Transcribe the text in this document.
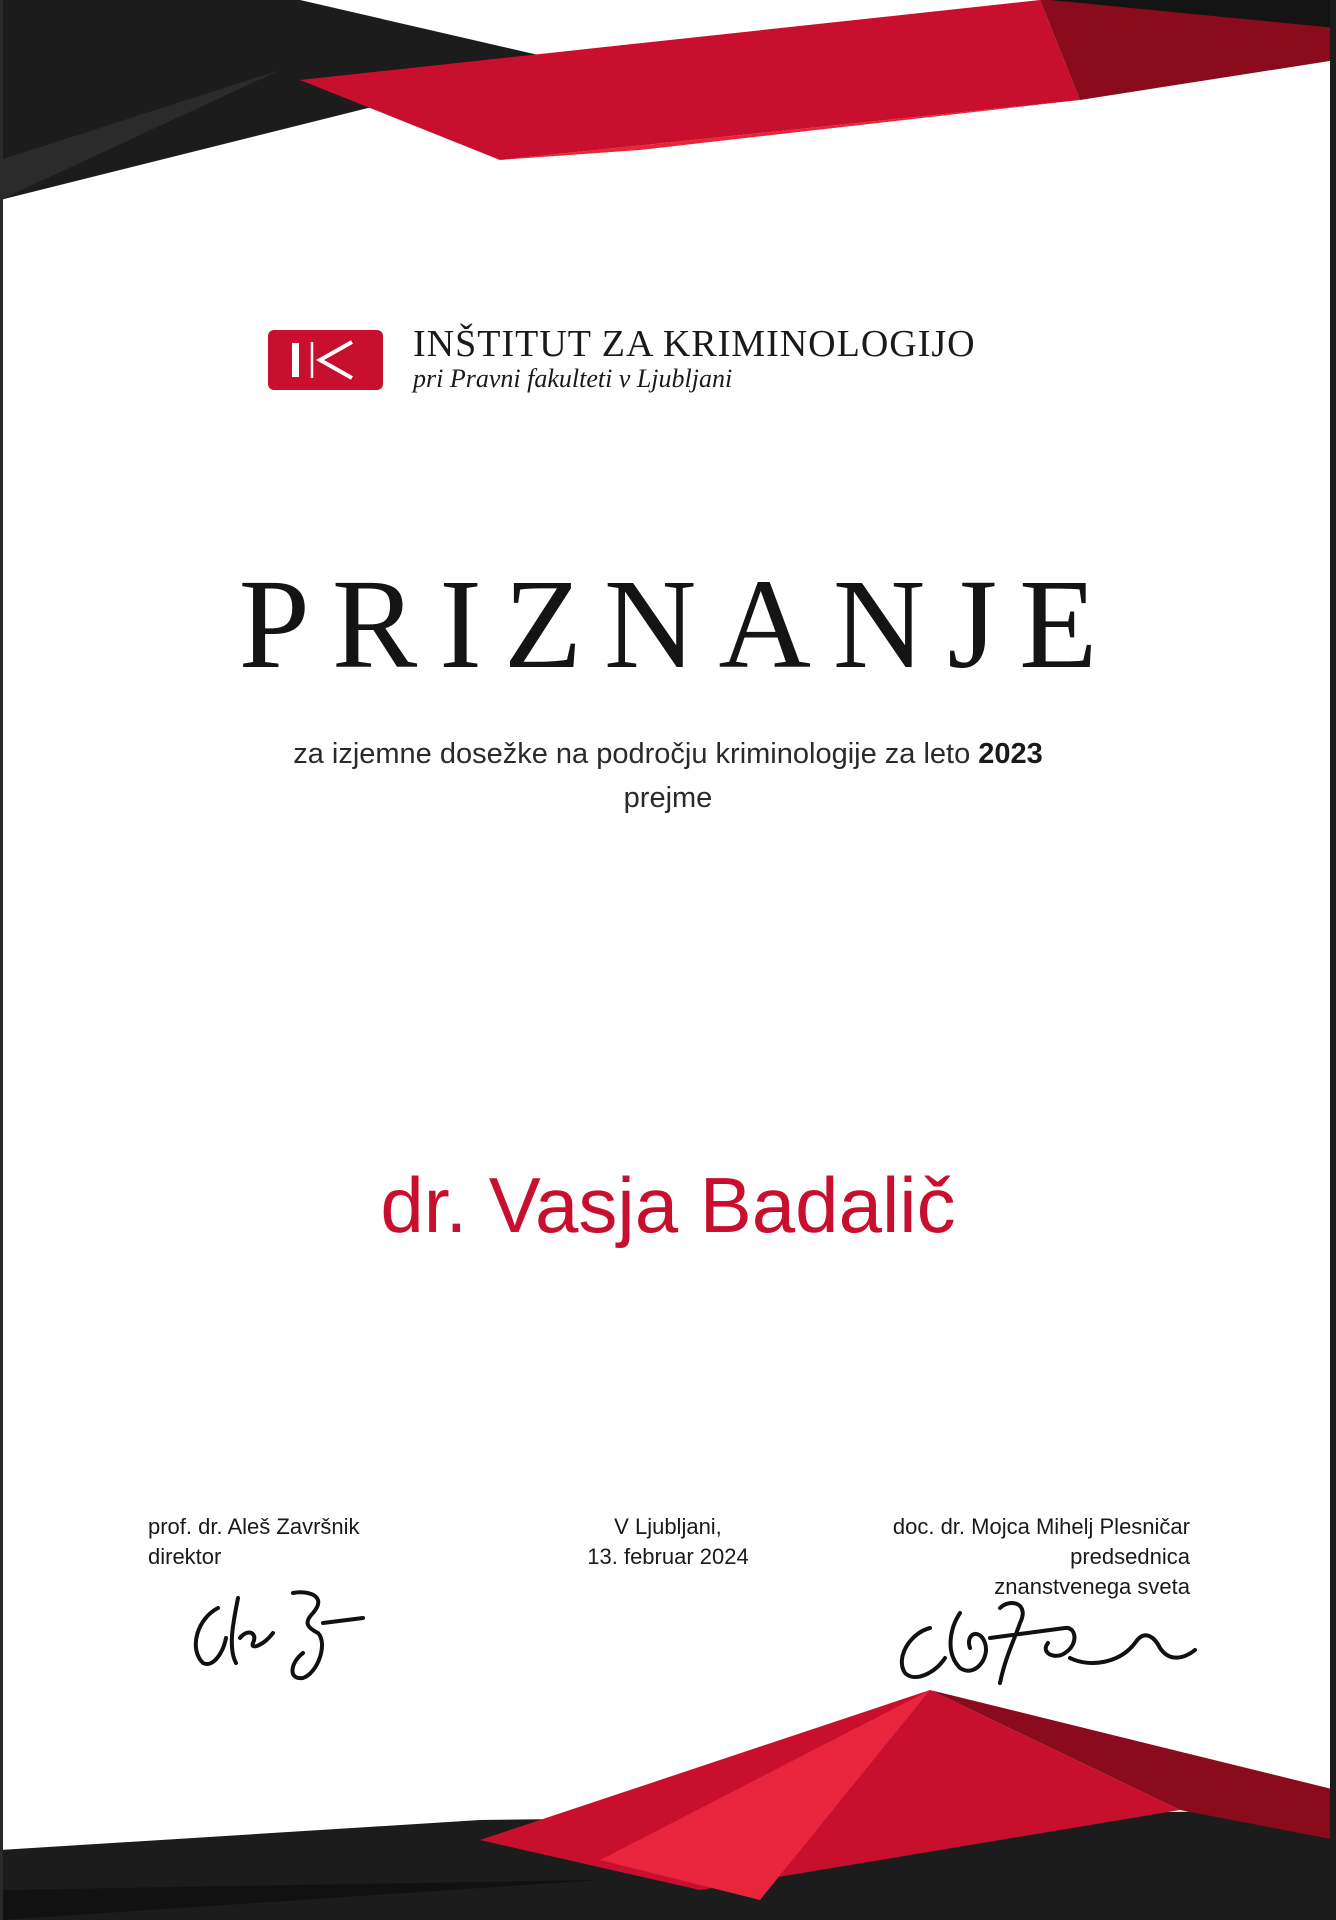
INŠTITUT ZA KRIMINOLOGIJO
pri Pravni fakulteti v Ljubljani
PRIZNANJE
za izjemne dosežke na področju kriminologije za leto 2023
prejme
dr. Vasja Badalič
prof. dr. Aleš Završnik
direktor
V Ljubljani,
13. februar 2024
doc. dr. Mojca Mihelj Plesničar
predsednica
znanstvenega sveta
